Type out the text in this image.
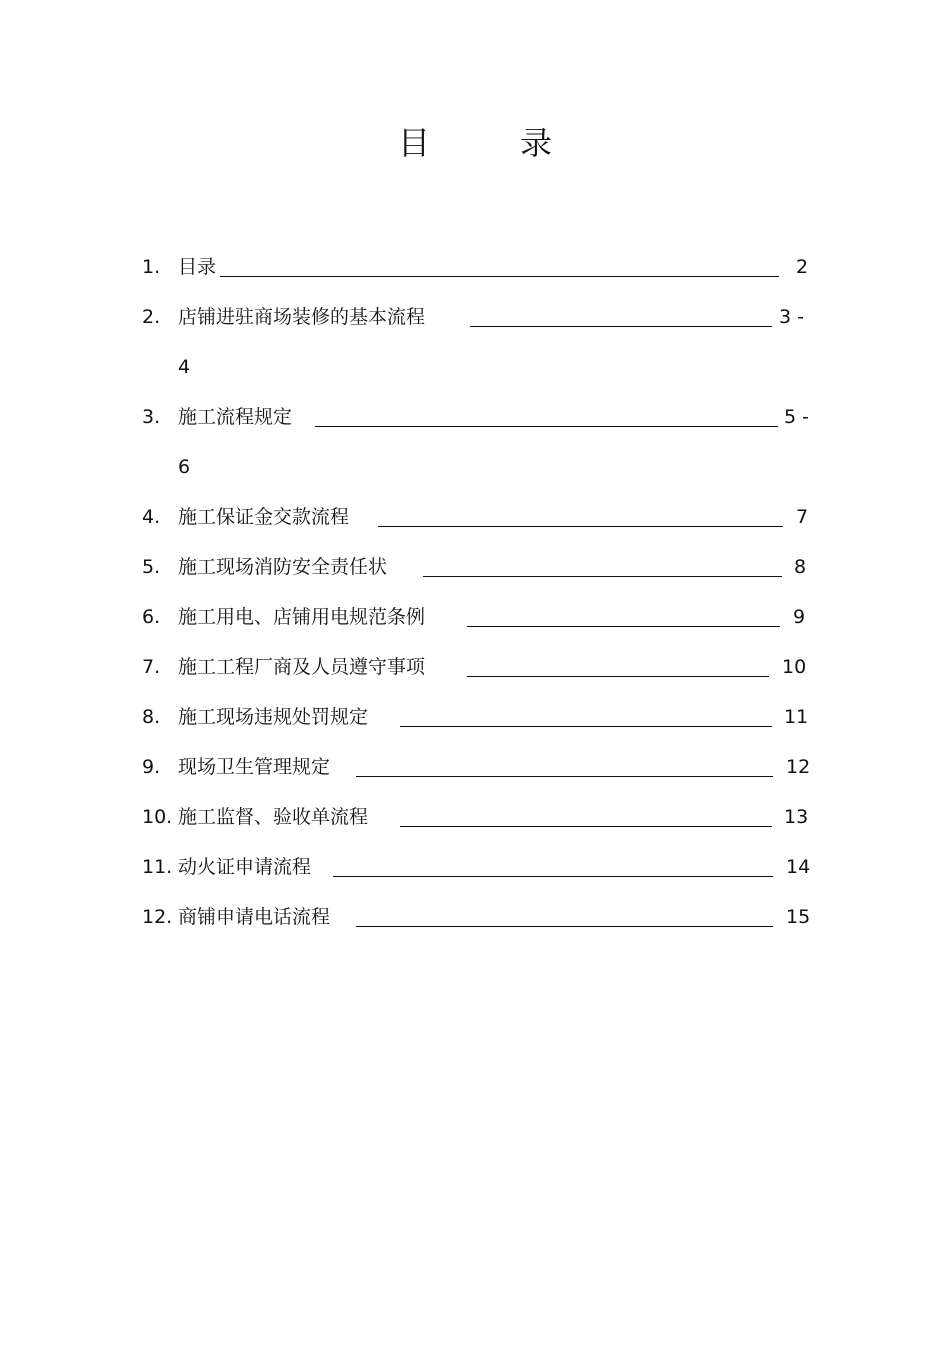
目	录
1. 目录	2
2. 店铺进驻商场装修的基本流程	3 -
4
3. 施工流程规定	5 -
6
4. 施工保证金交款流程	7
5. 施工现场消防安全责任状	8
6. 施工用电、店铺用电规范条例	9
7. 施工工程厂商及人员遵守事项	10
8. 施工现场违规处罚规定	11
9. 现场卫生管理规定	12
10. 施工监督、验收单流程	13
11. 动火证申请流程	14
12. 商铺申请电话流程	15
